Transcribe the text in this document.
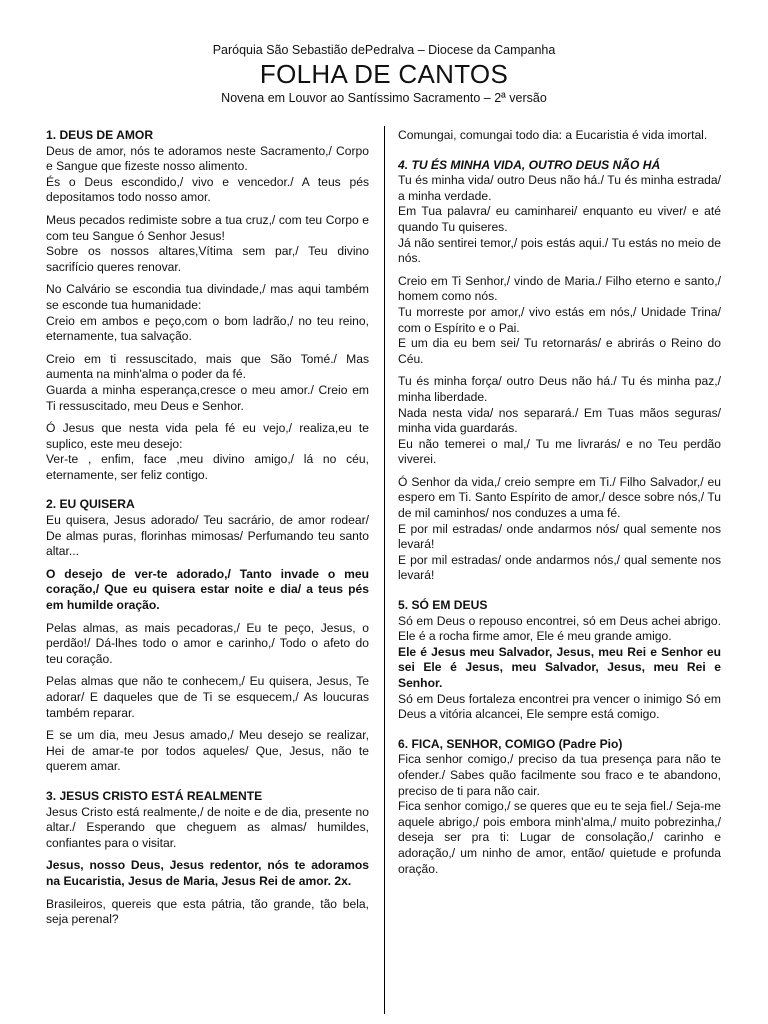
Paróquia São Sebastião dePedralva – Diocese da Campanha
FOLHA DE CANTOS
Novena em Louvor ao Santíssimo Sacramento – 2ª versão
1. DEUS DE AMOR
Deus de amor, nós te adoramos neste Sacramento,/ Corpo e Sangue que fizeste nosso alimento.
És o Deus escondido,/ vivo e vencedor./ A teus pés depositamos todo nosso amor.
Meus pecados redimiste sobre a tua cruz,/ com teu Corpo e com teu Sangue ó Senhor Jesus!
Sobre os nossos altares,Vítima sem par,/ Teu divino sacrifício queres renovar.
No Calvário se escondia tua divindade,/ mas aqui também se esconde tua humanidade:
Creio em ambos e peço,com o bom ladrão,/ no teu reino, eternamente, tua salvação.
Creio em ti ressuscitado, mais que São Tomé./ Mas aumenta na minh'alma o poder da fé.
Guarda a minha esperança,cresce o meu amor./ Creio em Ti ressuscitado, meu Deus e Senhor.
Ó Jesus que nesta vida pela fé eu vejo,/ realiza,eu te suplico, este meu desejo:
Ver-te , enfim, face ,meu divino amigo,/ lá no céu, eternamente, ser feliz contigo.
2. EU QUISERA
Eu quisera, Jesus adorado/ Teu sacrário, de amor rodear/ De almas puras, florinhas mimosas/ Perfumando teu santo altar...
O desejo de ver-te adorado,/ Tanto invade o meu coração,/ Que eu quisera estar noite e dia/ a teus pés em humilde oração.
Pelas almas, as mais pecadoras,/ Eu te peço, Jesus, o perdão!/ Dá-lhes todo o amor e carinho,/ Todo o afeto do teu coração.
Pelas almas que não te conhecem,/ Eu quisera, Jesus, Te adorar/ E daqueles que de Ti se esquecem,/ As loucuras também reparar.
E se um dia, meu Jesus amado,/ Meu desejo se realizar, Hei de amar-te por todos aqueles/ Que, Jesus, não te querem amar.
3. JESUS CRISTO ESTÁ REALMENTE
Jesus Cristo está realmente,/ de noite e de dia, presente no altar./ Esperando que cheguem as almas/ humildes, confiantes para o visitar.
Jesus, nosso Deus, Jesus redentor, nós te adoramos na Eucaristia, Jesus de Maria, Jesus Rei de amor. 2x.
Brasileiros, quereis que esta pátria, tão grande, tão bela, seja perenal?
Comungai, comungai todo dia: a Eucaristia é vida imortal.
4. TU ÉS MINHA VIDA, OUTRO DEUS NÃO HÁ
Tu és minha vida/ outro Deus não há./ Tu és minha estrada/ a minha verdade.
Em Tua palavra/ eu caminharei/ enquanto eu viver/ e até quando Tu quiseres.
Já não sentirei temor,/ pois estás aqui./ Tu estás no meio de nós.
Creio em Ti Senhor,/ vindo de Maria./ Filho eterno e santo,/ homem como nós.
Tu morreste por amor,/ vivo estás em nós,/ Unidade Trina/ com o Espírito e o Pai.
E um dia eu bem sei/ Tu retornarás/ e abrirás o Reino do Céu.
Tu és minha força/ outro Deus não há./ Tu és minha paz,/ minha liberdade.
Nada nesta vida/ nos separará./ Em Tuas mãos seguras/ minha vida guardarás.
Eu não temerei o mal,/ Tu me livrarás/ e no Teu perdão viverei.
Ó Senhor da vida,/ creio sempre em Ti./ Filho Salvador,/ eu espero em Ti. Santo Espírito de amor,/ desce sobre nós,/ Tu de mil caminhos/ nos conduzes a uma fé.
E por mil estradas/ onde andarmos nós/ qual semente nos levará!
E por mil estradas/ onde andarmos nós,/ qual semente nos levará!
5. SÓ EM DEUS
Só em Deus o repouso encontrei, só em Deus achei abrigo. Ele é a rocha firme amor, Ele é meu grande amigo.
Ele é Jesus meu Salvador, Jesus, meu Rei e Senhor eu sei Ele é Jesus, meu Salvador, Jesus, meu Rei e Senhor.
Só em Deus fortaleza encontrei pra vencer o inimigo Só em Deus a vitória alcancei, Ele sempre está comigo.
6. FICA, SENHOR, COMIGO (Padre Pio)
Fica senhor comigo,/ preciso da tua presença para não te ofender./ Sabes quão facilmente sou fraco e te abandono, preciso de ti para não cair.
Fica senhor comigo,/ se queres que eu te seja fiel./ Seja-me aquele abrigo,/ pois embora minh'alma,/ muito pobrezinha,/ deseja ser pra ti: Lugar de consolação,/ carinho e adoração,/ um ninho de amor, então/ quietude e profunda oração.
